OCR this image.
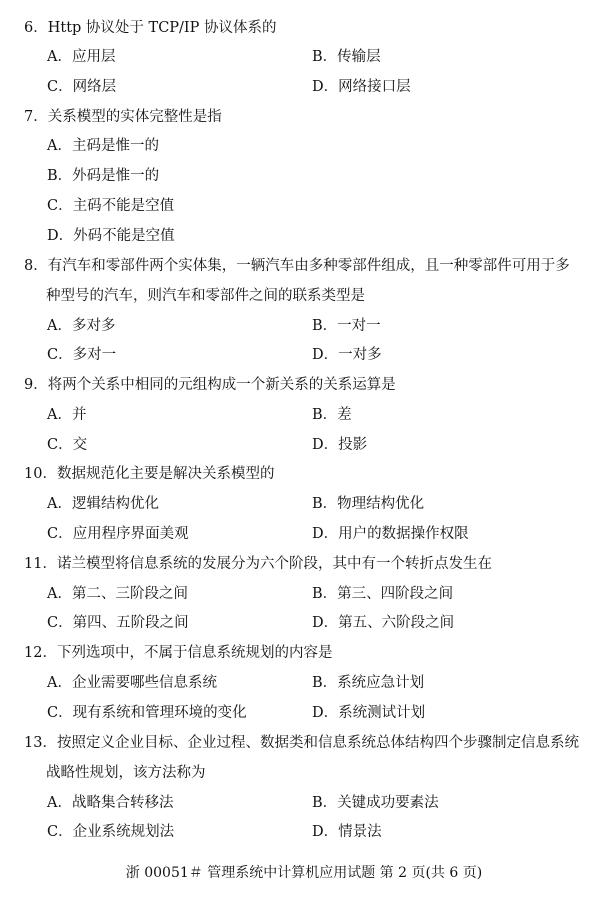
6．Http 协议处于 TCP/IP 协议体系的
A．应用层	B．传输层
C．网络层	D．网络接口层
7．关系模型的实体完整性是指
A．主码是惟一的
B．外码是惟一的
C．主码不能是空值
D．外码不能是空值
8．有汽车和零部件两个实体集，一辆汽车由多种零部件组成，且一种零部件可用于多
种型号的汽车，则汽车和零部件之间的联系类型是
A．多对多	B．一对一
C．多对一	D．一对多
9．将两个关系中相同的元组构成一个新关系的关系运算是
A．并	B．差
C．交	D．投影
10．数据规范化主要是解决关系模型的
A．逻辑结构优化	B．物理结构优化
C．应用程序界面美观	D．用户的数据操作权限
11．诺兰模型将信息系统的发展分为六个阶段，其中有一个转折点发生在
A．第二、三阶段之间	B．第三、四阶段之间
C．第四、五阶段之间	D．第五、六阶段之间
12．下列选项中，不属于信息系统规划的内容是
A．企业需要哪些信息系统	B．系统应急计划
C．现有系统和管理环境的变化	D．系统测试计划
13．按照定义企业目标、企业过程、数据类和信息系统总体结构四个步骤制定信息系统
战略性规划，该方法称为
A．战略集合转移法	B．关键成功要素法
C．企业系统规划法	D．情景法
浙 00051＃ 管理系统中计算机应用试题 第 2 页(共 6 页)
